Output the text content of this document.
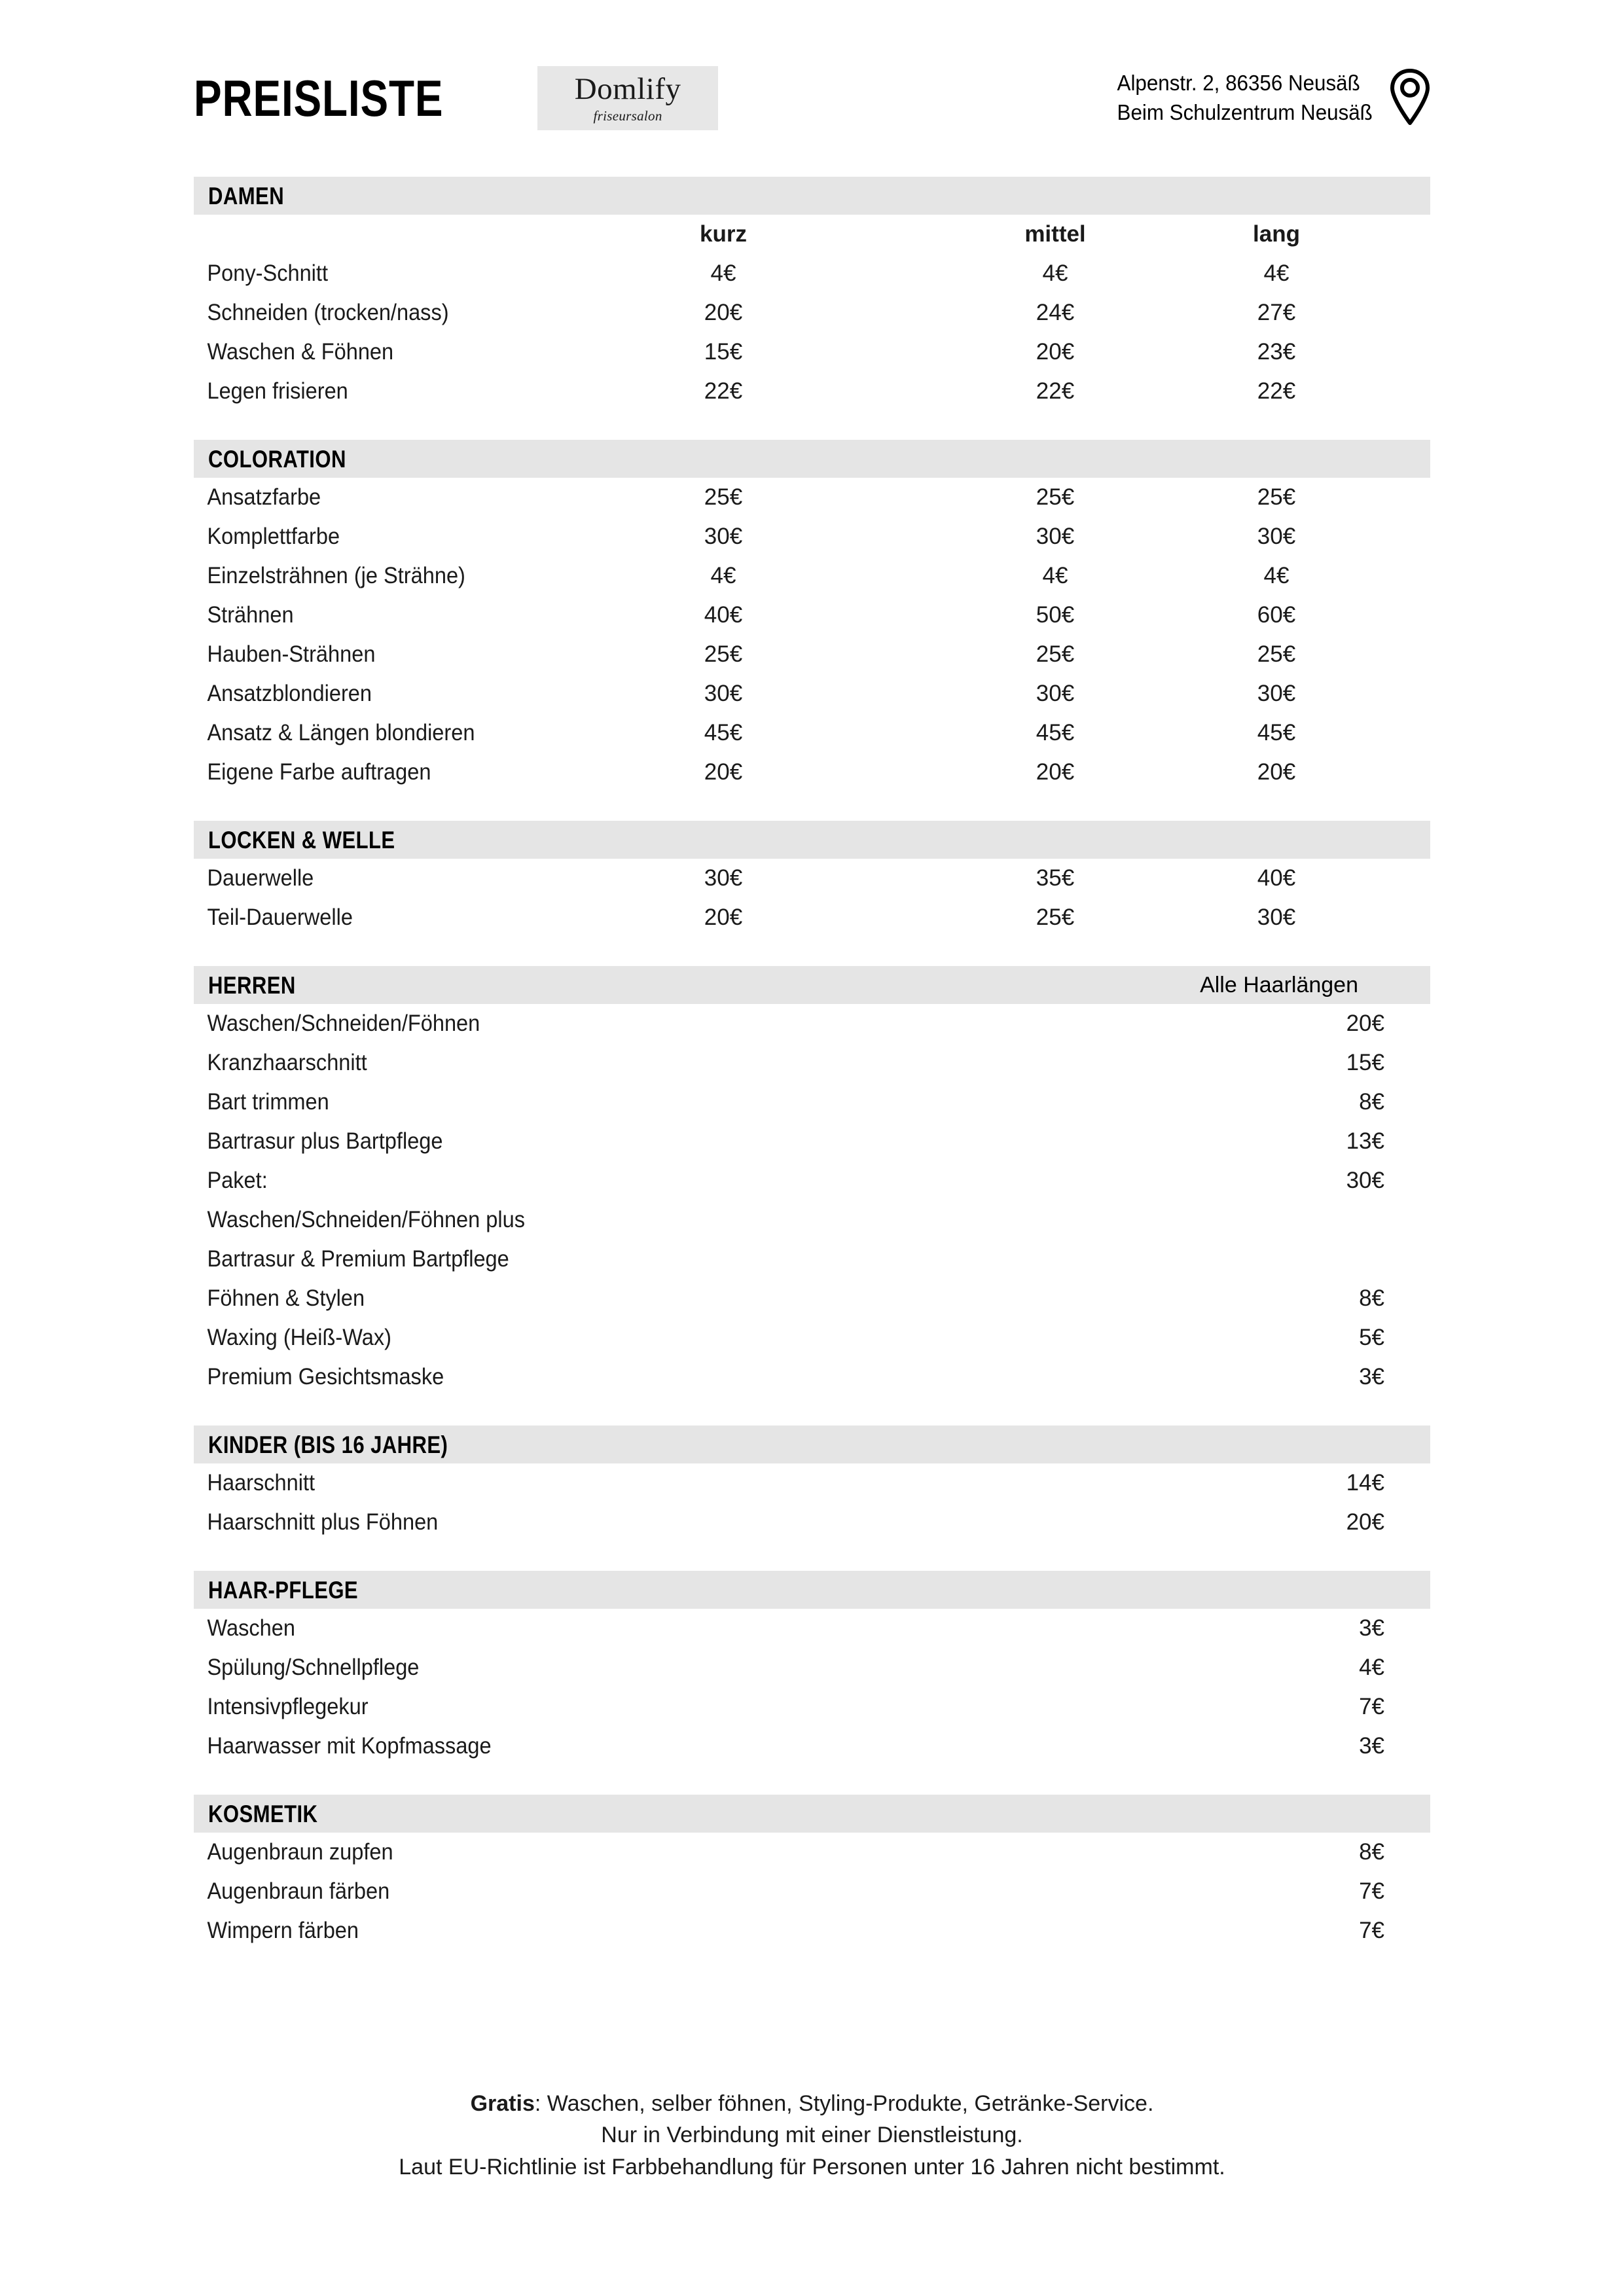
PREISLISTE	Domlify
friseursalon
Alpenstr. 2, 86356 Neusäß
Beim Schulzentrum Neusäß
DAMEN
kurz	mittel	lang
Pony-Schnitt	4€	4€	4€
Schneiden (trocken/nass)	20€	24€	27€
Waschen & Föhnen	15€	20€	23€
Legen frisieren	22€	22€	22€
COLORATION
Ansatzfarbe	25€	25€	25€
Komplettfarbe	30€	30€	30€
Einzelsträhnen (je Strähne)	4€	4€	4€
Strähnen	40€	50€	60€
Hauben-Strähnen	25€	25€	25€
Ansatzblondieren	30€	30€	30€
Ansatz & Längen blondieren	45€	45€	45€
Eigene Farbe auftragen	20€	20€	20€
LOCKEN & WELLE
Dauerwelle	30€	35€	40€
Teil-Dauerwelle	20€	25€	30€
HERREN	Alle Haarlängen
Waschen/Schneiden/Föhnen	20€
Kranzhaarschnitt	15€
Bart trimmen	8€
Bartrasur plus Bartpflege	13€
Paket:	30€
Waschen/Schneiden/Föhnen plus
Bartrasur & Premium Bartpflege
Föhnen & Stylen	8€
Waxing (Heiß-Wax)	5€
Premium Gesichtsmaske	3€
KINDER (BIS 16 JAHRE)
Haarschnitt	14€
Haarschnitt plus Föhnen	20€
HAAR-PFLEGE
Waschen	3€
Spülung/Schnellpflege	4€
Intensivpflegekur	7€
Haarwasser mit Kopfmassage	3€
KOSMETIK
Augenbraun zupfen	8€
Augenbraun färben	7€
Wimpern färben	7€
Gratis: Waschen, selber föhnen, Styling-Produkte, Getränke-Service.
Nur in Verbindung mit einer Dienstleistung.
Laut EU-Richtlinie ist Farbbehandlung für Personen unter 16 Jahren nicht bestimmt.
